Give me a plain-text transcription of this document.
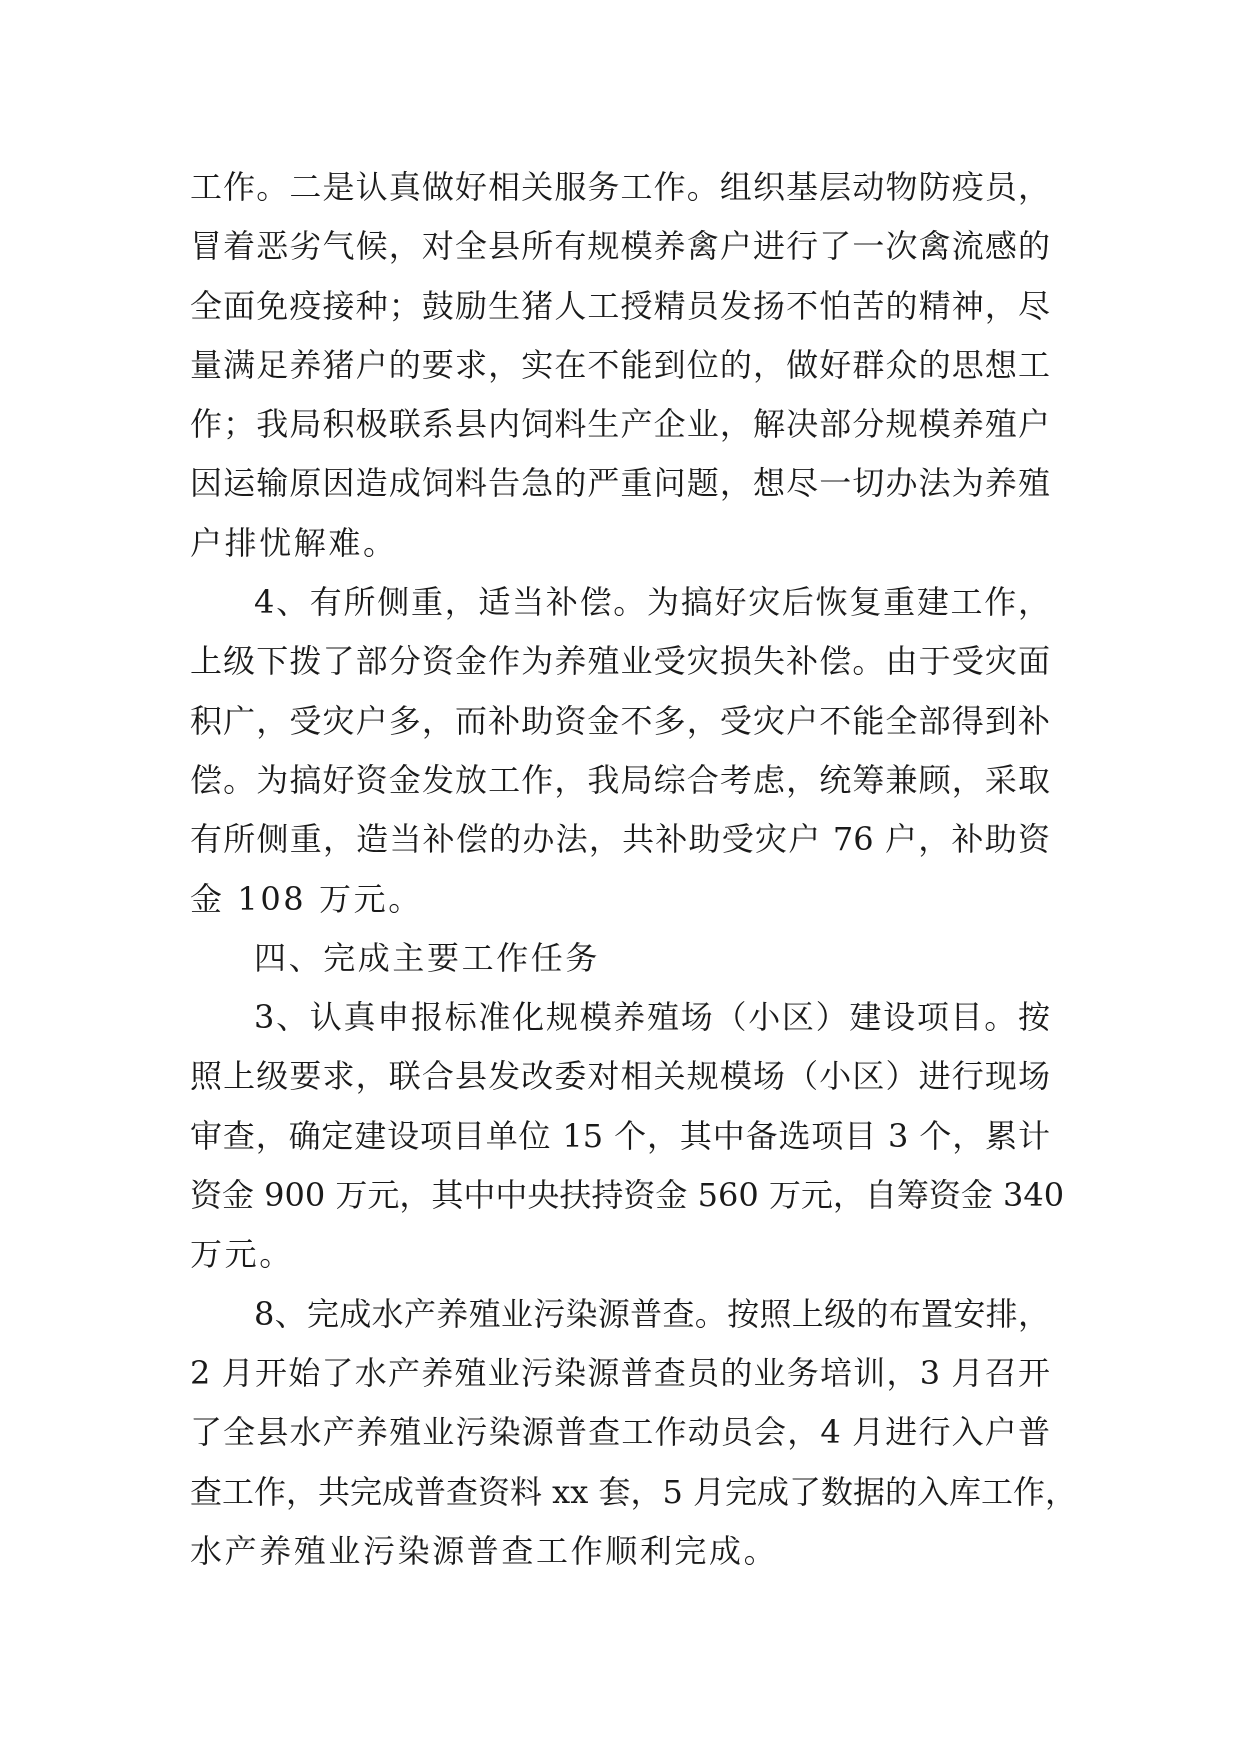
工作。二是认真做好相关服务工作。组织基层动物防疫员，
冒着恶劣气候，对全县所有规模养禽户进行了一次禽流感的
全面免疫接种；鼓励生猪人工授精员发扬不怕苦的精神，尽
量满足养猪户的要求，实在不能到位的，做好群众的思想工
作；我局积极联系县内饲料生产企业，解决部分规模养殖户
因运输原因造成饲料告急的严重问题，想尽一切办法为养殖
户排忧解难。
4、有所侧重，适当补偿。为搞好灾后恢复重建工作，
上级下拨了部分资金作为养殖业受灾损失补偿。由于受灾面
积广，受灾户多，而补助资金不多，受灾户不能全部得到补
偿。为搞好资金发放工作，我局综合考虑，统筹兼顾，采取
有所侧重，造当补偿的办法，共补助受灾户 76 户，补助资
金 108 万元。
四、完成主要工作任务
3、认真申报标准化规模养殖场（小区）建设项目。按
照上级要求，联合县发改委对相关规模场（小区）进行现场
审查，确定建设项目单位 15 个，其中备选项目 3 个，累计
资金 900 万元，其中中央扶持资金 560 万元，自筹资金 340
万元。
8、完成水产养殖业污染源普查。按照上级的布置安排，
2 月开始了水产养殖业污染源普查员的业务培训，3 月召开
了全县水产养殖业污染源普查工作动员会，4 月进行入户普
查工作，共完成普查资料 xx 套，5 月完成了数据的入库工作，
水产养殖业污染源普查工作顺利完成。
